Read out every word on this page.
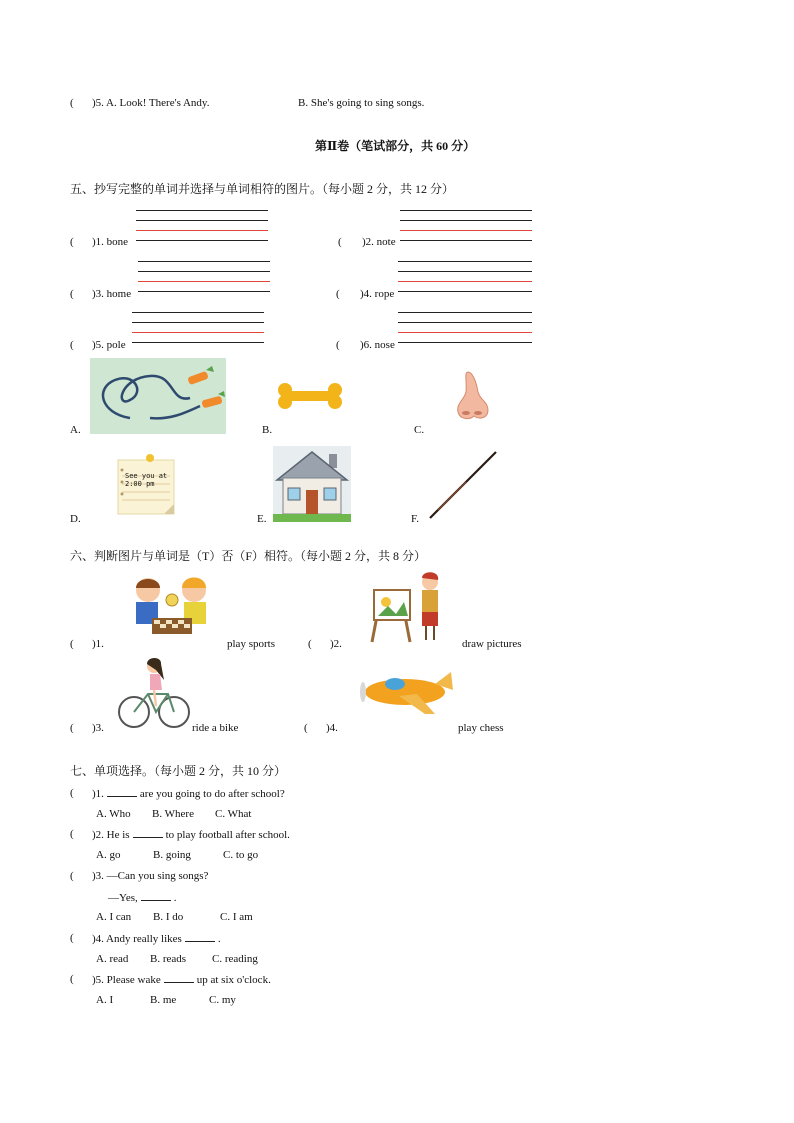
( )5. A. Look! There's Andy.	B. She's going to sing songs.
第Ⅱ卷（笔试部分，共 60 分）
五、抄写完整的单词并选择与单词相符的图片。（每小题 2 分，共 12 分）
( )1. bone	( )2. note
( )3. home	( )4. rope
( )5. pole	( )6. nose
A.	B.	C.
D.
See you at
2:00 pm
E.	F.
六、判断图片与单词是（T）否（F）相符。（每小题 2 分，共 8 分）
( )1.	play sports	( )2.	draw pictures
( )3.	ride a bike	( )4.	play chess
七、单项选择。（每小题 2 分，共 10 分）
( )1.	are you going to do after school?
A. Who B. Where C. What
( )2. He is	to play football after school.
A. go	B. going	C. to go
( )3. —Can you sing songs?
—Yes,	.
A. I can B. I do	C. I am
( )4. Andy really likes	.
A. read B. reads C. reading
( )5. Please wake	up at six o'clock.
A. I	B. me	C. my
